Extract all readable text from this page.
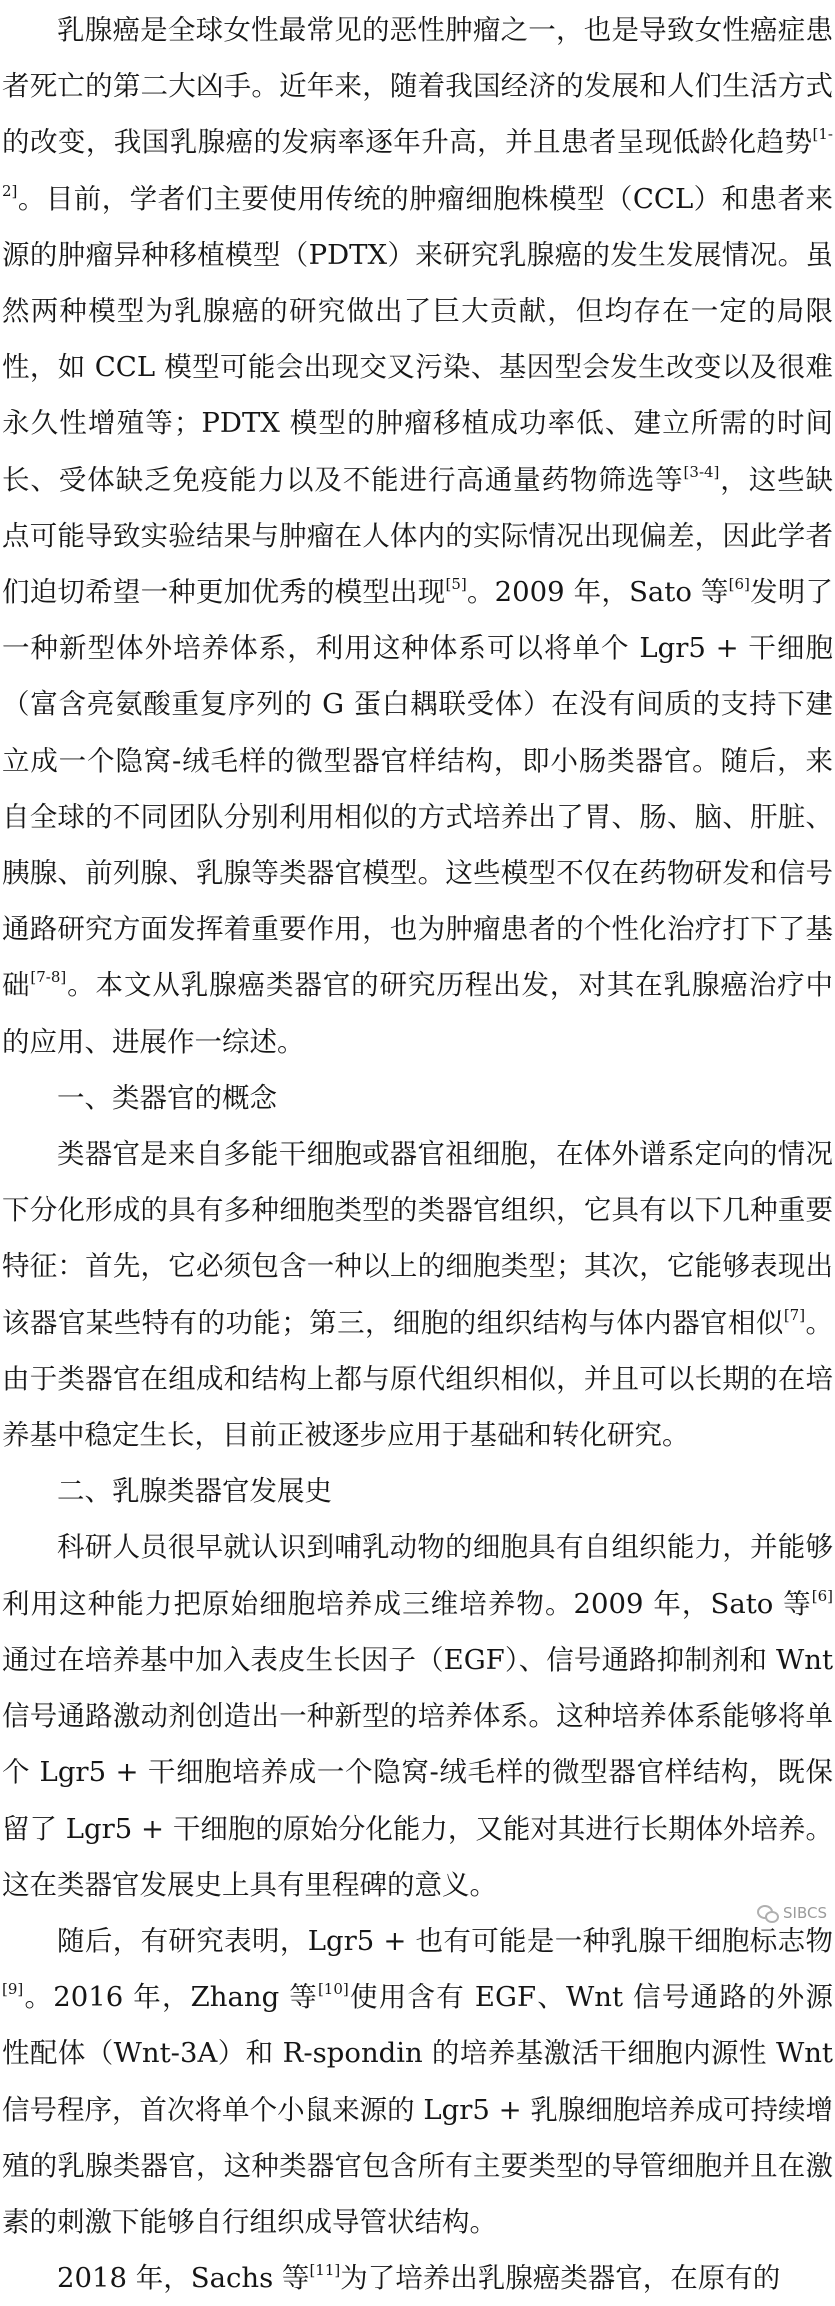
乳腺癌是全球女性最常见的恶性肿瘤之一，也是导致女性癌症患者死亡的第二大凶手。近年来，随着我国经济的发展和人们生活方式的改变，我国乳腺癌的发病率逐年升高，并且患者呈现低龄化趋势[1-2]。目前，学者们主要使用传统的肿瘤细胞株模型（CCL）和患者来源的肿瘤异种移植模型（PDTX）来研究乳腺癌的发生发展情况。虽然两种模型为乳腺癌的研究做出了巨大贡献，但均存在一定的局限性，如 CCL 模型可能会出现交叉污染、基因型会发生改变以及很难永久性增殖等；PDTX 模型的肿瘤移植成功率低、建立所需的时间长、受体缺乏免疫能力以及不能进行高通量药物筛选等[3-4]，这些缺点可能导致实验结果与肿瘤在人体内的实际情况出现偏差，因此学者们迫切希望一种更加优秀的模型出现[5]。2009 年，Sato 等[6]发明了一种新型体外培养体系，利用这种体系可以将单个 Lgr5 + 干细胞（富含亮氨酸重复序列的 G 蛋白耦联受体）在没有间质的支持下建立成一个隐窝-绒毛样的微型器官样结构，即小肠类器官。随后，来自全球的不同团队分别利用相似的方式培养出了胃、肠、脑、肝脏、胰腺、前列腺、乳腺等类器官模型。这些模型不仅在药物研发和信号通路研究方面发挥着重要作用，也为肿瘤患者的个性化治疗打下了基础[7-8]。本文从乳腺癌类器官的研究历程出发，对其在乳腺癌治疗中的应用、进展作一综述。

一、类器官的概念

类器官是来自多能干细胞或器官祖细胞，在体外谱系定向的情况下分化形成的具有多种细胞类型的类器官组织，它具有以下几种重要特征：首先，它必须包含一种以上的细胞类型；其次，它能够表现出该器官某些特有的功能；第三，细胞的组织结构与体内器官相似[7]。由于类器官在组成和结构上都与原代组织相似，并且可以长期的在培养基中稳定生长，目前正被逐步应用于基础和转化研究。

二、乳腺类器官发展史

科研人员很早就认识到哺乳动物的细胞具有自组织能力，并能够利用这种能力把原始细胞培养成三维培养物。2009 年，Sato 等[6]通过在培养基中加入表皮生长因子（EGF）、信号通路抑制剂和 Wnt 信号通路激动剂创造出一种新型的培养体系。这种培养体系能够将单个 Lgr5 + 干细胞培养成一个隐窝-绒毛样的微型器官样结构，既保留了 Lgr5 + 干细胞的原始分化能力，又能对其进行长期体外培养。这在类器官发展史上具有里程碑的意义。

随后，有研究表明，Lgr5 + 也有可能是一种乳腺干细胞标志物[9]。2016 年，Zhang 等[10]使用含有 EGF、Wnt 信号通路的外源性配体（Wnt-3A）和 R-spondin 的培养基激活干细胞内源性 Wnt 信号程序，首次将单个小鼠来源的 Lgr5 + 乳腺细胞培养成可持续增殖的乳腺类器官，这种类器官包含所有主要类型的导管细胞并且在激素的刺激下能够自行组织成导管状结构。

2018 年，Sachs 等[11]为了培养出乳腺癌类器官，在原有的

SIBCS
